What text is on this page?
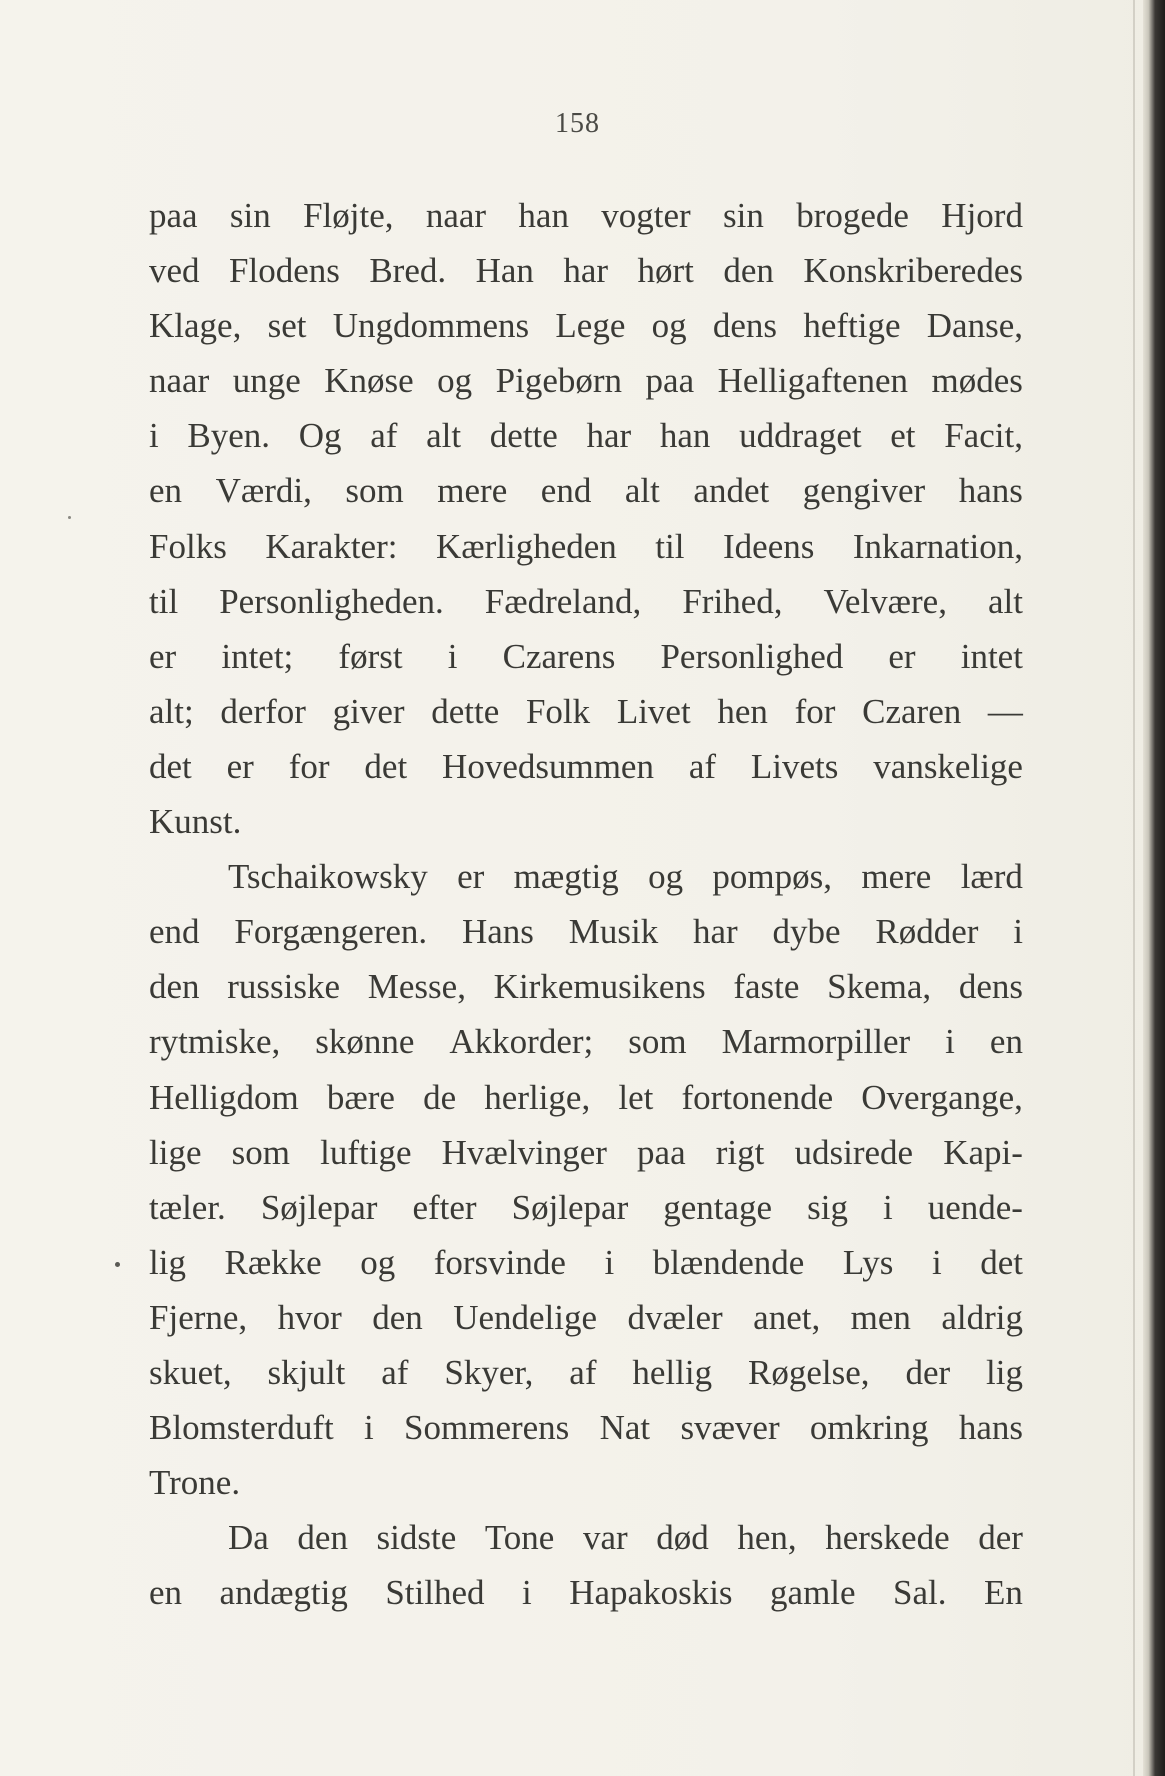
158
paa sin Fløjte, naar han vogter sin brogede Hjord
ved Flodens Bred. Han har hørt den Konskriberedes
Klage, set Ungdommens Lege og dens heftige Danse,
naar unge Knøse og Pigebørn paa Helligaftenen mødes
i Byen. Og af alt dette har han uddraget et Facit,
en Værdi, som mere end alt andet gengiver hans
Folks Karakter: Kærligheden til Ideens Inkarnation,
til Personligheden. Fædreland, Frihed, Velvære, alt
er intet; først i Czarens Personlighed er intet
alt; derfor giver dette Folk Livet hen for Czaren —
det er for det Hovedsummen af Livets vanskelige
Kunst.
Tschaikowsky er mægtig og pompøs, mere lærd
end Forgængeren. Hans Musik har dybe Rødder i
den russiske Messe, Kirkemusikens faste Skema, dens
rytmiske, skønne Akkorder; som Marmorpiller i en
Helligdom bære de herlige, let fortonende Overgange,
lige som luftige Hvælvinger paa rigt udsirede Kapi-
tæler. Søjlepar efter Søjlepar gentage sig i uende-
lig Række og forsvinde i blændende Lys i det
Fjerne, hvor den Uendelige dvæler anet, men aldrig
skuet, skjult af Skyer, af hellig Røgelse, der lig
Blomsterduft i Sommerens Nat svæver omkring hans
Trone.
Da den sidste Tone var død hen, herskede der
en andægtig Stilhed i Hapakoskis gamle Sal. En
